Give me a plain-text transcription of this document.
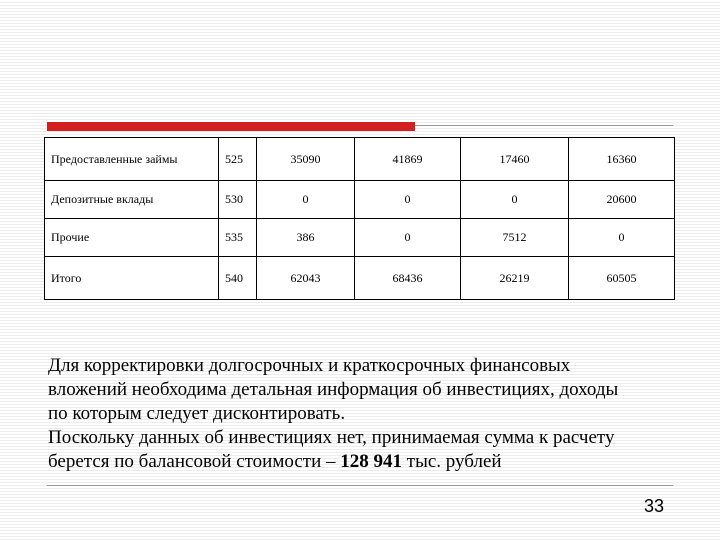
Предоставленные займы	525	35090	41869	17460	16360
Депозитные вклады	530	0	0	0	20600
Прочие	535	386	0	7512	0
Итого	540	62043	68436	26219	60505

Для корректировки долгосрочных и краткосрочных финансовых

вложений необходима детальная информация об инвестициях, доходы

по которым следует дисконтировать.

Поскольку данных об инвестициях нет, принимаемая сумма к расчету

берется по балансовой стоимости – 128 941 тыс. рублей

33
